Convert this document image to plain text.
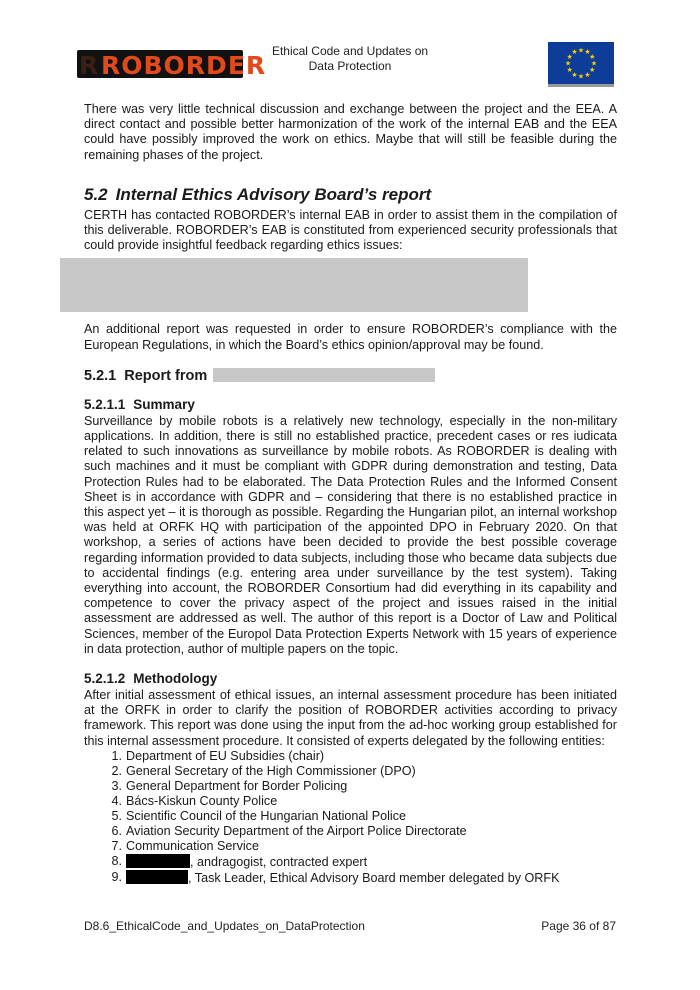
R ROBORDER Ethical Code and Updates on
Data Protection
★ ★
★
★
★
★
★
★
★
★
★
★

There was very little technical discussion and exchange between the project and the EEA. A direct contact and possible better harmonization of the work of the internal EAB and the EEA could have possibly improved the work on ethics. Maybe that will still be feasible during the remaining phases of the project.

5.2 Internal Ethics Advisory Board’s report

CERTH has contacted ROBORDER’s internal EAB in order to assist them in the compilation of this deliverable. ROBORDER’s EAB is constituted from experienced security professionals that could provide insightful feedback regarding ethics issues:

An additional report was requested in order to ensure ROBORDER’s compliance with the European Regulations, in which the Board’s ethics opinion/approval may be found.

5.2.1 Report from
5.2.1.1 Summary

Surveillance by mobile robots is a relatively new technology, especially in the non-military applications. In addition, there is still no established practice, precedent cases or res iudicata related to such innovations as surveillance by mobile robots. As ROBORDER is dealing with such machines and it must be compliant with GDPR during demonstration and testing, Data Protection Rules had to be elaborated. The Data Protection Rules and the Informed Consent Sheet is in accordance with GDPR and – considering that there is no established practice in this aspect yet – it is thorough as possible. Regarding the Hungarian pilot, an internal workshop was held at ORFK HQ with participation of the appointed DPO in February 2020. On that workshop, a series of actions have been decided to provide the best possible coverage regarding information provided to data subjects, including those who became data subjects due to accidental findings (e.g. entering area under surveillance by the test system). Taking everything into account, the ROBORDER Consortium had did everything in its capability and competence to cover the privacy aspect of the project and issues raised in the initial assessment are addressed as well. The author of this report is a Doctor of Law and Political Sciences, member of the Europol Data Protection Experts Network with 15 years of experience in data protection, author of multiple papers on the topic.

5.2.1.2 Methodology

After initial assessment of ethical issues, an internal assessment procedure has been initiated at the ORFK in order to clarify the position of ROBORDER activities according to privacy framework. This report was done using the input from the ad-hoc working group established for this internal assessment procedure. It consisted of experts delegated by the following entities:

1. Department of EU Subsidies (chair)
2. General Secretary of the High Commissioner (DPO)
3. General Department for Border Policing
4. Bács-Kiskun County Police
5. Scientific Council of the Hungarian National Police
6. Aviation Security Department of the Airport Police Directorate
7. Communication Service
8.	, andragogist, contracted expert
9.	, Task Leader, Ethical Advisory Board member delegated by ORFK
D8.6_EthicalCode_and_Updates_on_DataProtection	Page 36 of 87
